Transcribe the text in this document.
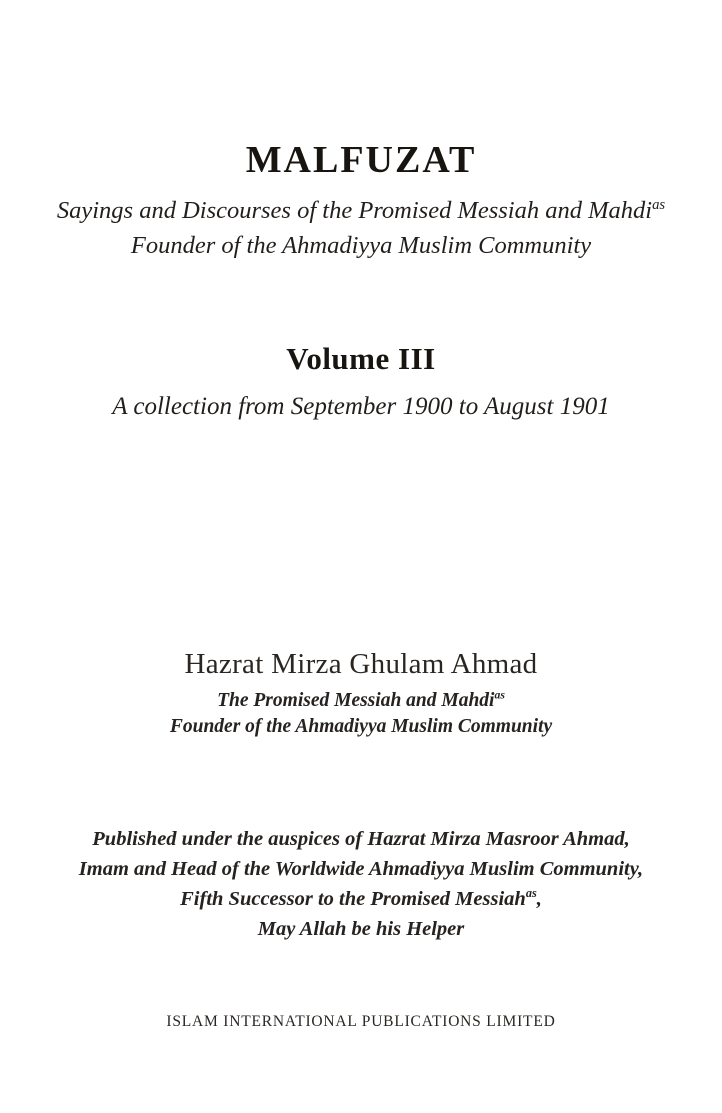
MALFUZAT
Sayings and Discourses of the Promised Messiah and Mahdi$^{as}$
Founder of the Ahmadiyya Muslim Community
Volume III
A collection from September 1900 to August 1901
Hazrat Mirza Ghulam Ahmad
The Promised Messiah and Mahdi$^{as}$
Founder of the Ahmadiyya Muslim Community
Published under the auspices of Hazrat Mirza Masroor Ahmad,
Imam and Head of the Worldwide Ahmadiyya Muslim Community,
Fifth Successor to the Promised Messiah$^{as}$,
May Allah be his Helper
ISLAM INTERNATIONAL PUBLICATIONS LIMITED
